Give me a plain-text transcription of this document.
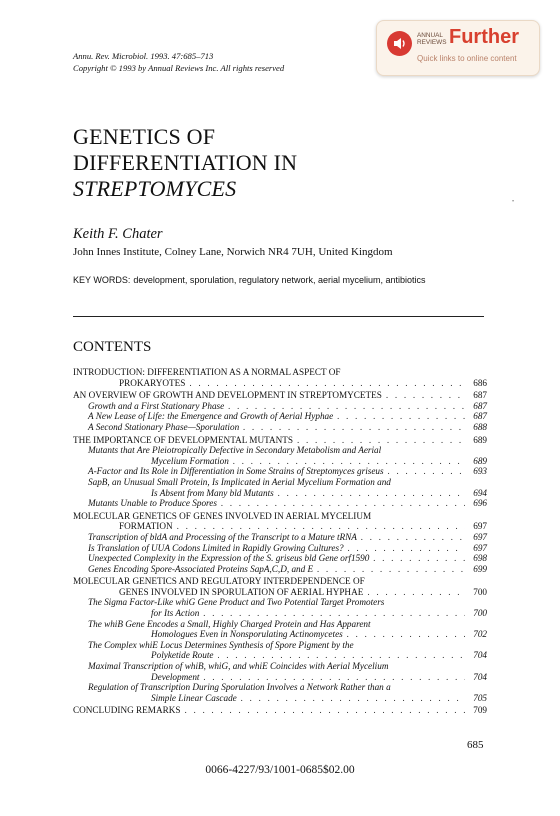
Annu. Rev. Microbiol. 1993. 47:685–713
Copyright © 1993 by Annual Reviews Inc. All rights reserved
ANNUAL
REVIEWS Further
Quick links to online content
GENETICS OF
DIFFERENTIATION IN
STREPTOMYCES
•
Keith F. Chater
John Innes Institute, Colney Lane, Norwich NR4 7UH, United Kingdom
KEY WORDS: development, sporulation, regulatory network, aerial mycelium, antibiotics
CONTENTS
INTRODUCTION: DIFFERENTIATION AS A NORMAL ASPECT OF
PROKARYOTES . . .	686
AN OVERVIEW OF GROWTH AND DEVELOPMENT IN STREPTOMYCETES . . .	687
Growth and a First Stationary Phase . . .	687
A New Lease of Life: the Emergence and Growth of Aerial Hyphae . . .	687
A Second Stationary Phase—Sporulation . . .	688
THE IMPORTANCE OF DEVELOPMENTAL MUTANTS . . .	689
Mutants that Are Pleiotropically Defective in Secondary Metabolism and Aerial
Mycelium Formation . . .	689
A-Factor and Its Role in Differentiation in Some Strains of Streptomyces griseus . . .	693
SapB, an Unusual Small Protein, Is Implicated in Aerial Mycelium Formation and
Is Absent from Many bld Mutants . . .	694
Mutants Unable to Produce Spores . . .	696
MOLECULAR GENETICS OF GENES INVOLVED IN AERIAL MYCELIUM
FORMATION . . .	697
Transcription of bldA and Processing of the Transcript to a Mature tRNA . . .	697
Is Translation of UUA Codons Limited in Rapidly Growing Cultures? . . .	697
Unexpected Complexity in the Expression of the S. griseus bld Gene orf1590 . . .	698
Genes Encoding Spore-Associated Proteins SapA,C,D, and E . . .	699
MOLECULAR GENETICS AND REGULATORY INTERDEPENDENCE OF
GENES INVOLVED IN SPORULATION OF AERIAL HYPHAE . . .	700
The Sigma Factor-Like whiG Gene Product and Two Potential Target Promoters
for Its Action . . .	700
The whiB Gene Encodes a Small, Highly Charged Protein and Has Apparent
Homologues Even in Nonsporulating Actinomycetes . . .	702
The Complex whiE Locus Determines Synthesis of Spore Pigment by the
Polyketide Route . . .	704
Maximal Transcription of whiB, whiG, and whiE Coincides with Aerial Mycelium
Development . . .	704
Regulation of Transcription During Sporulation Involves a Network Rather than a
Simple Linear Cascade . . .	705
CONCLUDING REMARKS . . .	709
685
0066-4227/93/1001-0685$02.00
